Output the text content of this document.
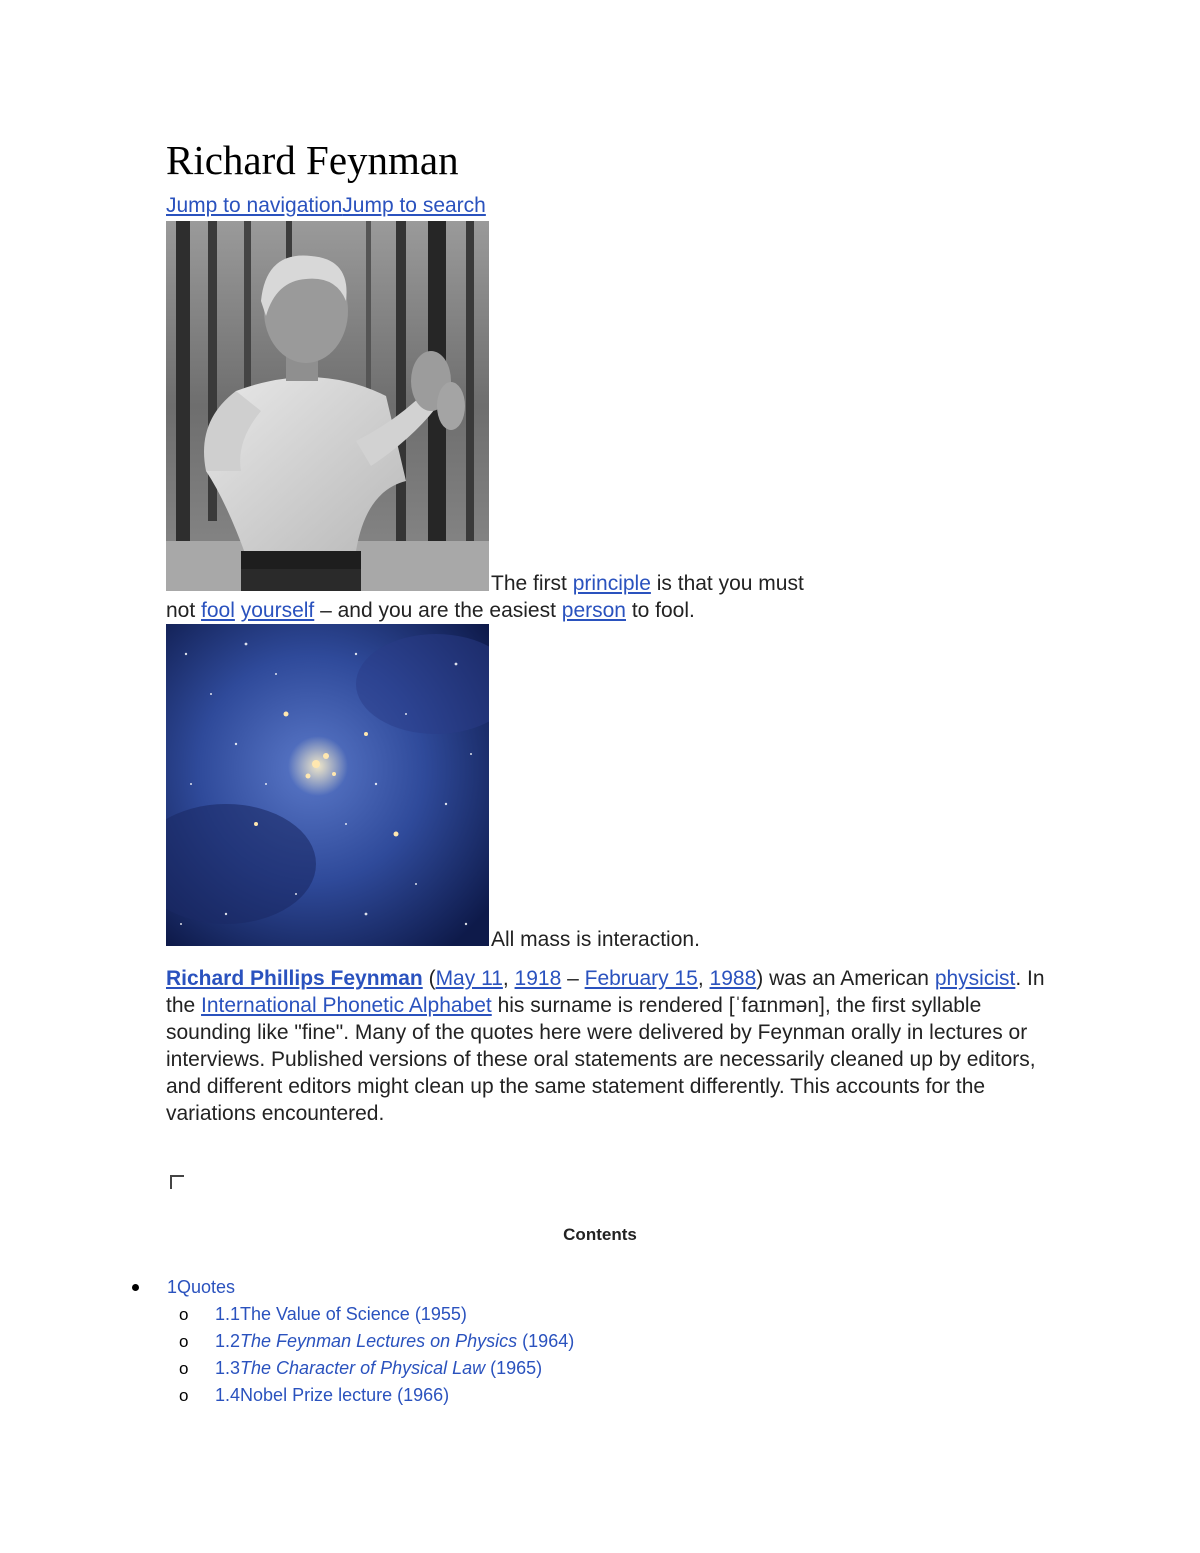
Richard Feynman
Jump to navigationJump to search
The first principle is that you must
not fool yourself – and you are the easiest person to fool.
All mass is interaction.

Richard Phillips Feynman (May 11, 1918 – February 15, 1988) was an American physicist. In the International Phonetic Alphabet his surname is rendered [ˈfaɪnmən], the first syllable sounding like "fine". Many of the quotes here were delivered by Feynman orally in lectures or interviews. Published versions of these oral statements are necessarily cleaned up by editors, and different editors might clean up the same statement differently. This accounts for the variations encountered.

Contents
1Quotes
o 1.1The Value of Science (1955)
o 1.2The Feynman Lectures on Physics (1964)
o 1.3The Character of Physical Law (1965)
o 1.4Nobel Prize lecture (1966)
